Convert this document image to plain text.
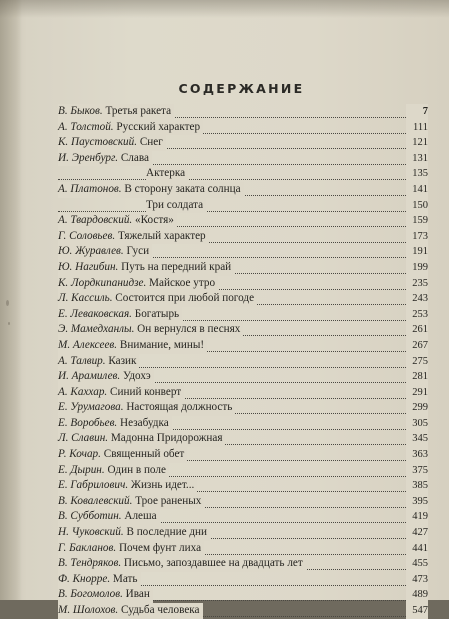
СОДЕРЖАНИЕ
В. Быков. Третья ракета	7
А. Толстой. Русский характер	111
К. Паустовский. Снег	121
И. Эренбург. Слава	131
Актерка	135
А. Платонов. В сторону заката солнца	141
Три солдата	150
А. Твардовский. «Костя»	159
Г. Соловьев. Тяжелый характер	173
Ю. Журавлев. Гуси	191
Ю. Нагибин. Путь на передний край	199
К. Лордкипанидзе. Майское утро	235
Л. Кассиль. Состоится при любой погоде	243
Е. Леваковская. Богатырь	253
Э. Мамедханлы. Он вернулся в песнях	261
М. Алексеев. Внимание, мины!	267
А. Талвир. Казик	275
И. Арамилев. Удохэ	281
А. Каххар. Синий конверт	291
Е. Урумагова. Настоящая должность	299
Е. Воробьев. Незабудка	305
Л. Славин. Мадонна Придорожная	345
Р. Кочар. Священный обет	363
Е. Дырин. Один в поле	375
Е. Габрилович. Жизнь идет...	385
В. Ковалевский. Трое раненых	395
В. Субботин. Алеша	419
Н. Чуковский. В последние дни	427
Г. Бакланов. Почем фунт лиха	441
В. Тендряков. Письмо, запоздавшее на двадцать лет	455
Ф. Кнорре. Мать	473
В. Богомолов. Иван	489
М. Шолохов. Судьба человека	547
